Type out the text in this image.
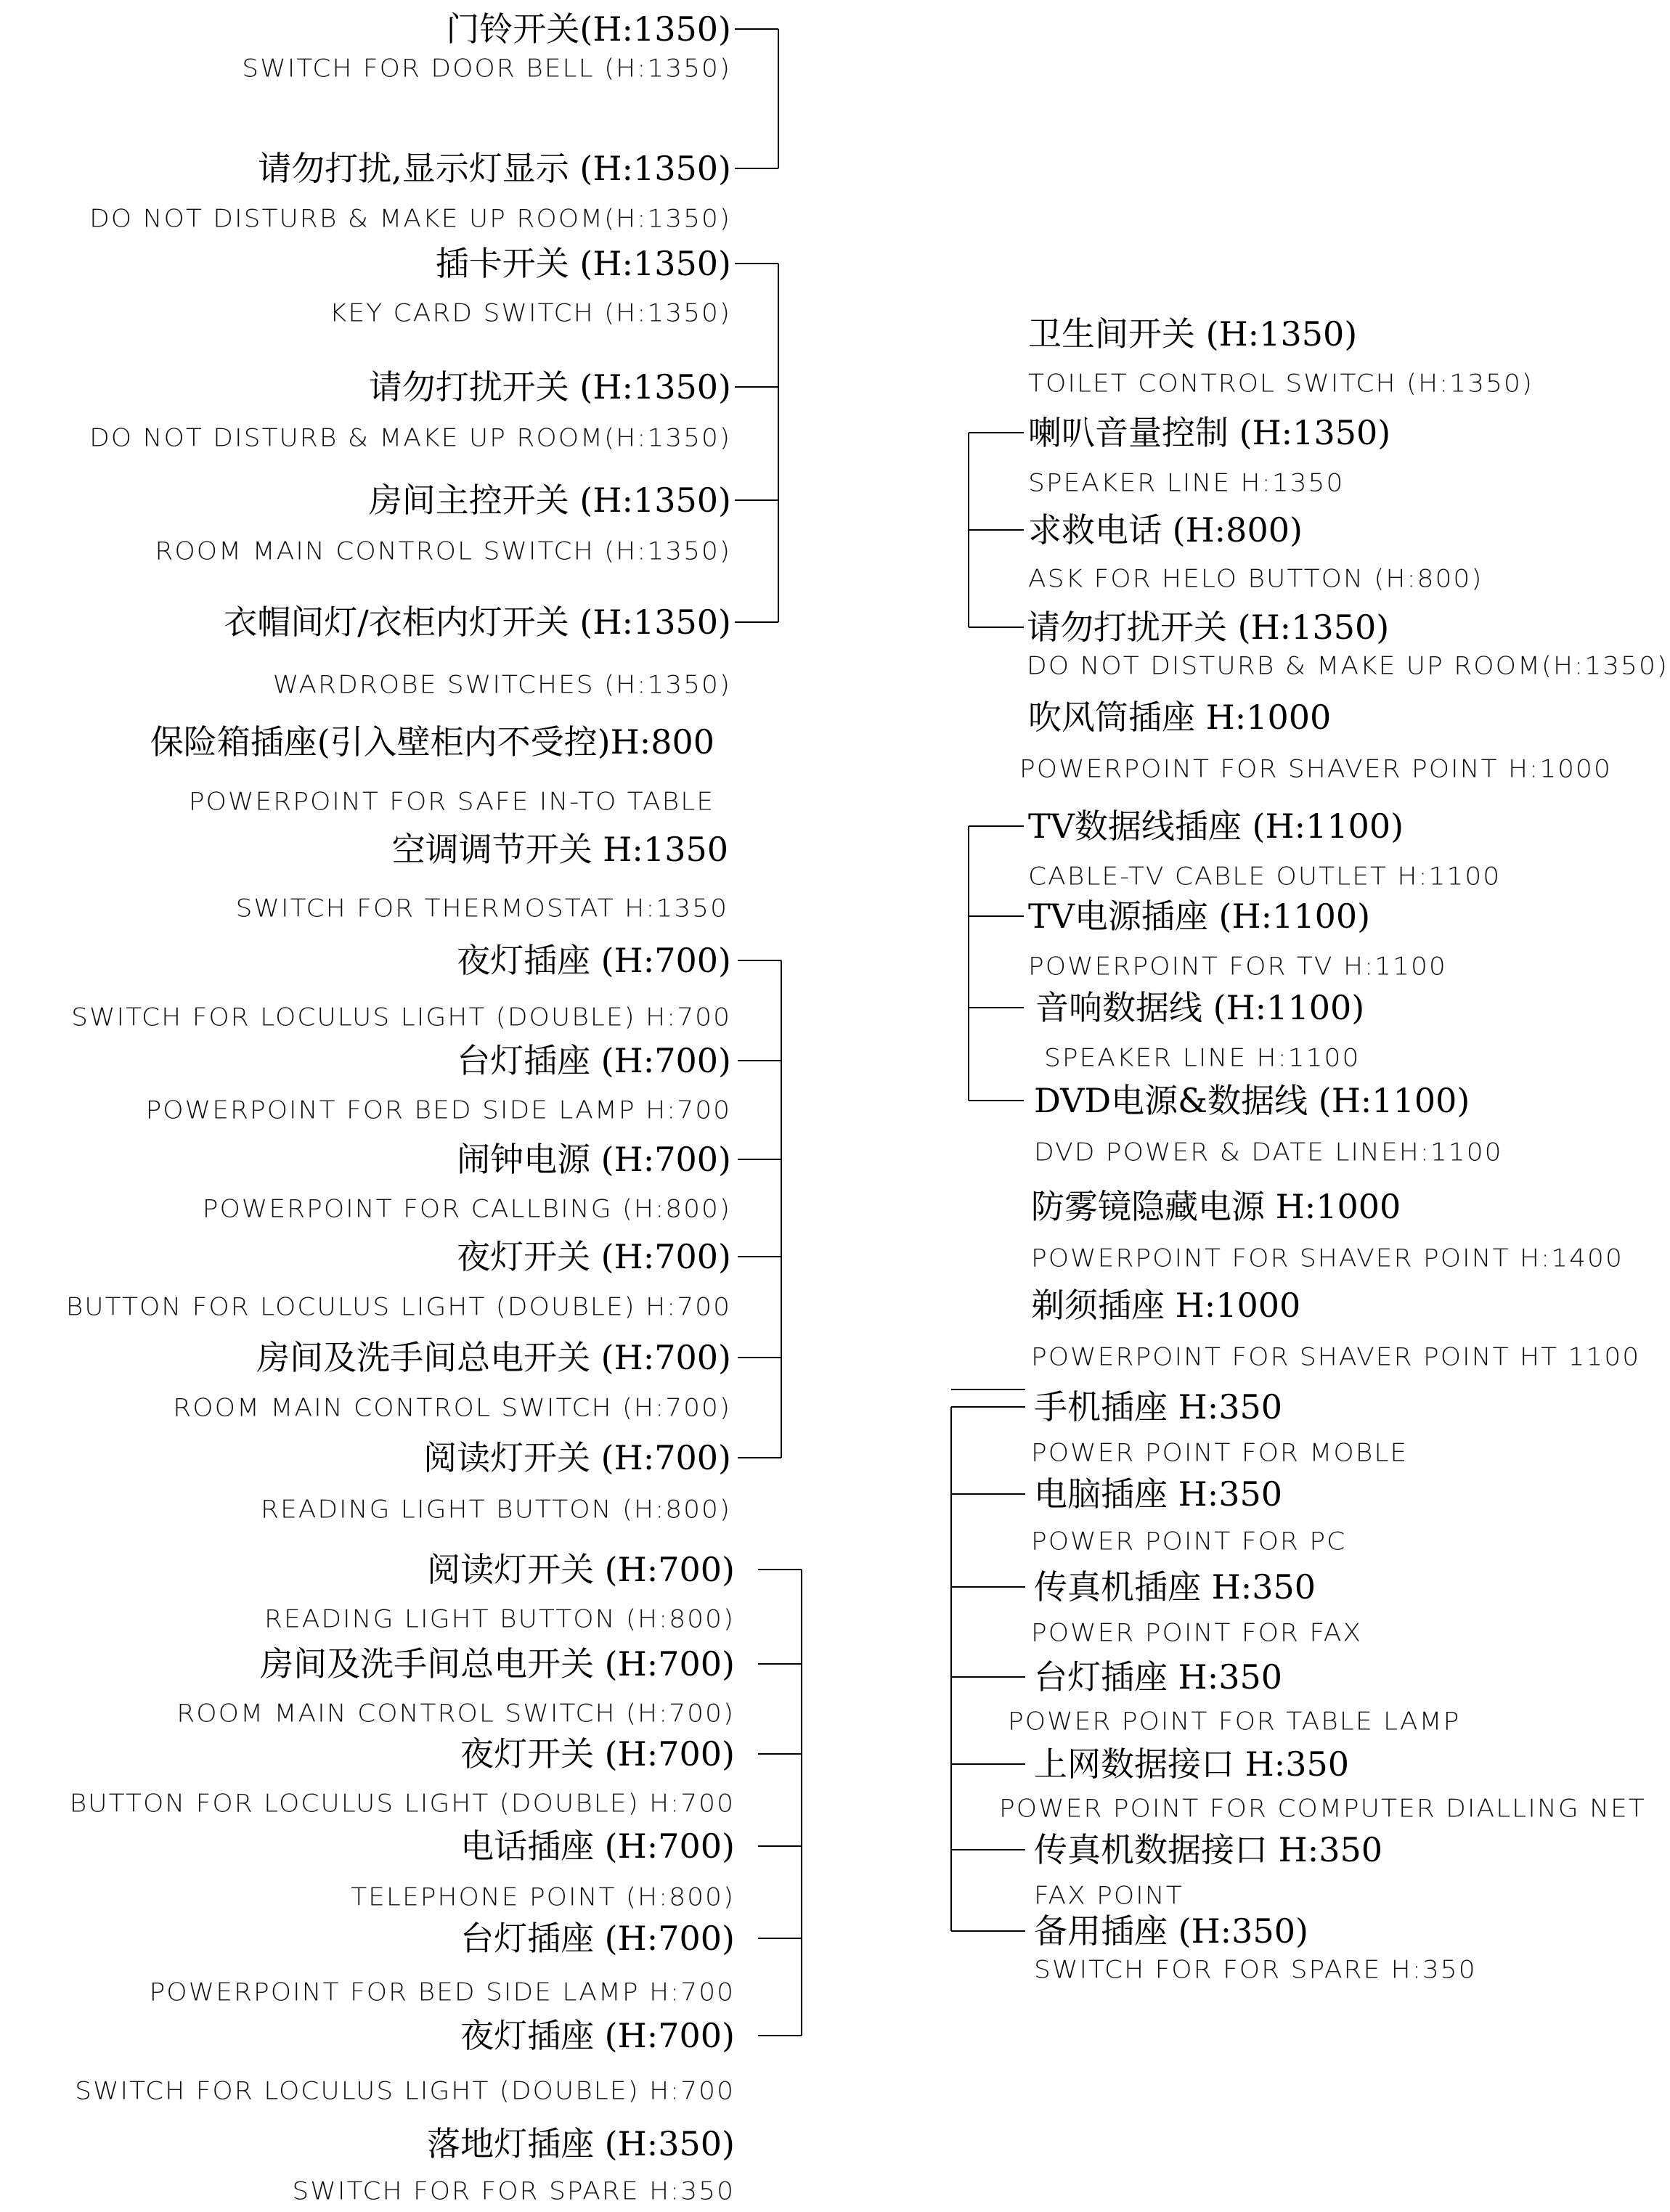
门铃开关(H:1350)
SWITCH FOR DOOR BELL (H:1350)
请勿打扰,显示灯显示 (H:1350)
DO NOT DISTURB & MAKE UP ROOM(H:1350)
插卡开关 (H:1350)
KEY CARD SWITCH (H:1350)
请勿打扰开关 (H:1350)
DO NOT DISTURB & MAKE UP ROOM(H:1350)
房间主控开关 (H:1350)
ROOM MAIN CONTROL SWITCH (H:1350)
衣帽间灯/衣柜内灯开关 (H:1350)
WARDROBE SWITCHES (H:1350)
保险箱插座(引入壁柜内不受控)H:800
POWERPOINT FOR SAFE IN-TO TABLE
空调调节开关 H:1350
SWITCH FOR THERMOSTAT H:1350
夜灯插座 (H:700)
SWITCH FOR LOCULUS LIGHT (DOUBLE) H:700
台灯插座 (H:700)
POWERPOINT FOR BED SIDE LAMP H:700
闹钟电源 (H:700)
POWERPOINT FOR CALLBING (H:800)
夜灯开关 (H:700)
BUTTON FOR LOCULUS LIGHT (DOUBLE) H:700
房间及洗手间总电开关 (H:700)
ROOM MAIN CONTROL SWITCH (H:700)
阅读灯开关 (H:700)
READING LIGHT BUTTON (H:800)
阅读灯开关 (H:700)
READING LIGHT BUTTON (H:800)
房间及洗手间总电开关 (H:700)
ROOM MAIN CONTROL SWITCH (H:700)
夜灯开关 (H:700)
BUTTON FOR LOCULUS LIGHT (DOUBLE) H:700
电话插座 (H:700)
TELEPHONE POINT (H:800)
台灯插座 (H:700)
POWERPOINT FOR BED SIDE LAMP H:700
夜灯插座 (H:700)
SWITCH FOR LOCULUS LIGHT (DOUBLE) H:700
落地灯插座 (H:350)
SWITCH FOR FOR SPARE H:350
卫生间开关 (H:1350)
TOILET CONTROL SWITCH (H:1350)
喇叭音量控制 (H:1350)
SPEAKER LINE H:1350
求救电话 (H:800)
ASK FOR HELO BUTTON (H:800)
请勿打扰开关 (H:1350)
DO NOT DISTURB & MAKE UP ROOM(H:1350)
吹风筒插座 H:1000
POWERPOINT FOR SHAVER POINT H:1000
TV数据线插座 (H:1100)
CABLE-TV CABLE OUTLET H:1100
TV电源插座 (H:1100)
POWERPOINT FOR TV H:1100
音响数据线 (H:1100)
SPEAKER LINE H:1100
DVD电源&数据线 (H:1100)
DVD POWER & DATE LINEH:1100
防雾镜隐藏电源 H:1000
POWERPOINT FOR SHAVER POINT H:1400
剃须插座 H:1000
POWERPOINT FOR SHAVER POINT HT 1100
手机插座 H:350
POWER POINT FOR MOBLE
电脑插座 H:350
POWER POINT FOR PC
传真机插座 H:350
POWER POINT FOR FAX
台灯插座 H:350
POWER POINT FOR TABLE LAMP
上网数据接口 H:350
POWER POINT FOR COMPUTER DIALLING NET
传真机数据接口 H:350
FAX POINT
备用插座 (H:350)
SWITCH FOR FOR SPARE H:350
